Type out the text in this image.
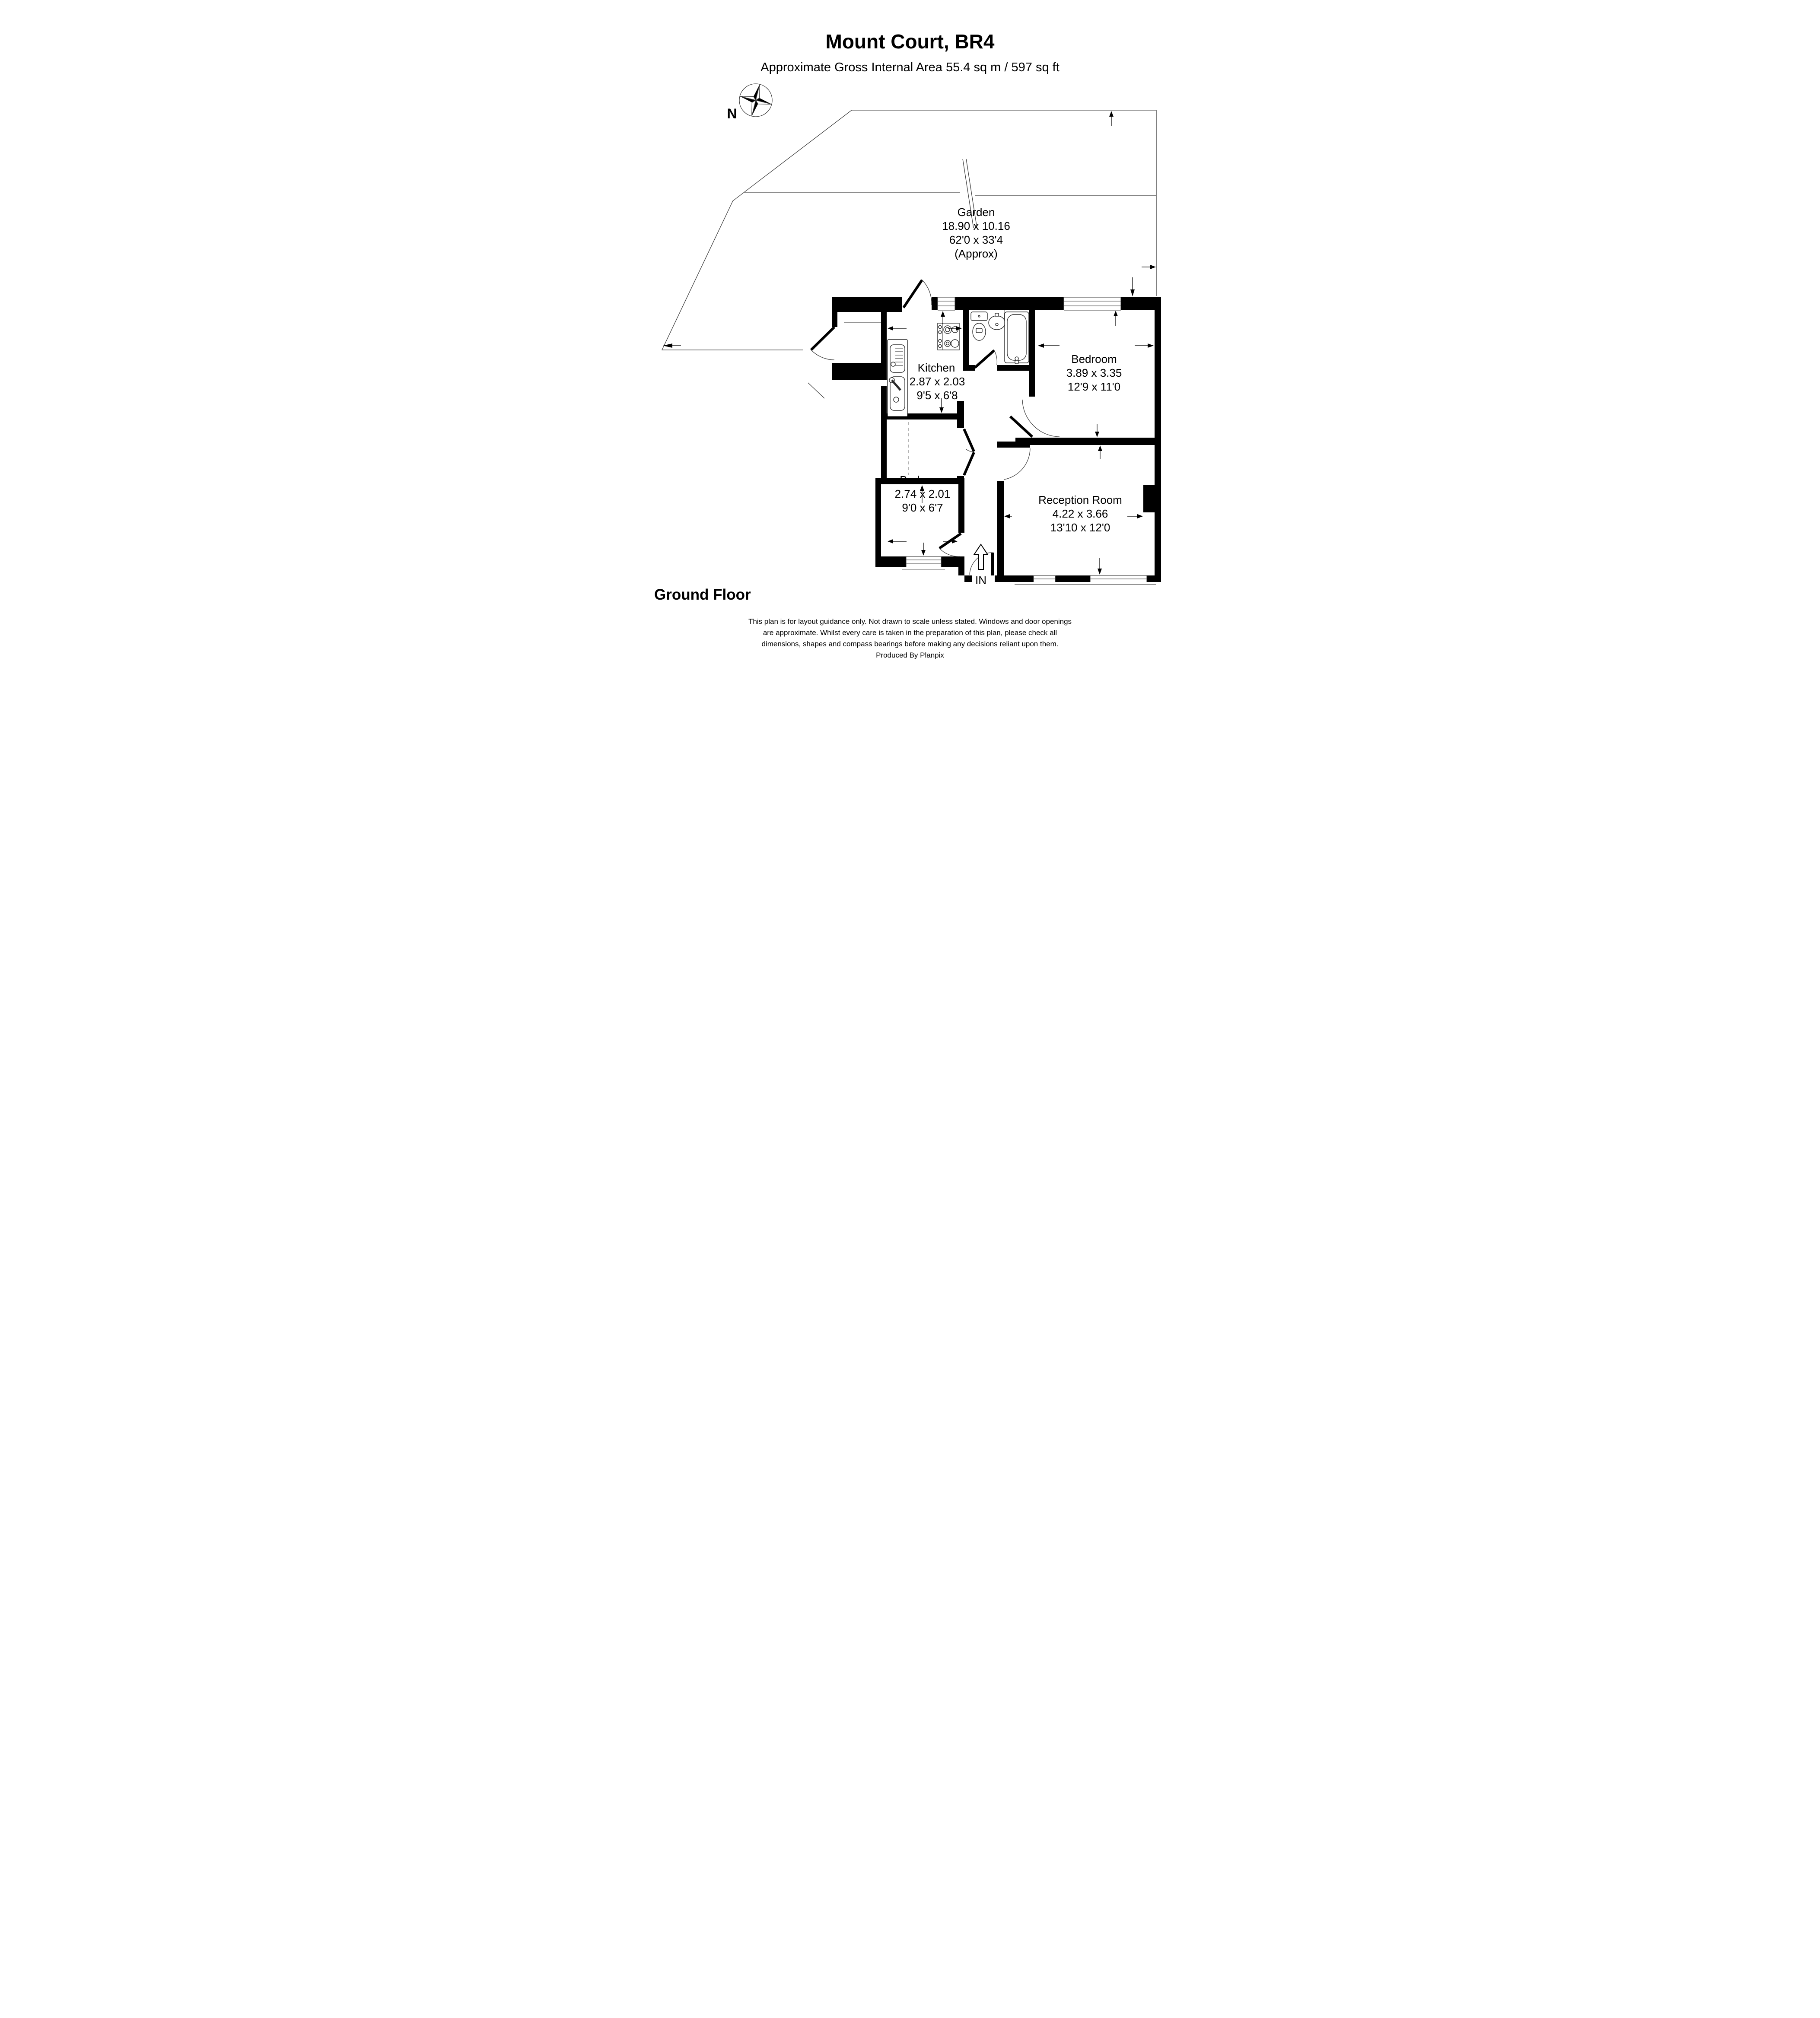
Mount Court, BR4
Approximate Gross Internal Area 55.4 sq m / 597 sq ft
N
IN
Garden
18.90 x 10.16
62'0 x 33'4
(Approx)
Kitchen
2.87 x 2.03
9'5 x 6'8
Bedroom
3.89 x 3.35
12'9 x 11'0
Bedroom
2.74 x 2.01
9'0 x 6'7
Reception Room
4.22 x 3.66
13'10 x 12'0
Ground Floor
This plan is for layout guidance only. Not drawn to scale unless stated. Windows and door openings
are approximate. Whilst every care is taken in the preparation of this plan, please check all
dimensions, shapes and compass bearings before making any decisions reliant upon them.
Produced By Planpix
